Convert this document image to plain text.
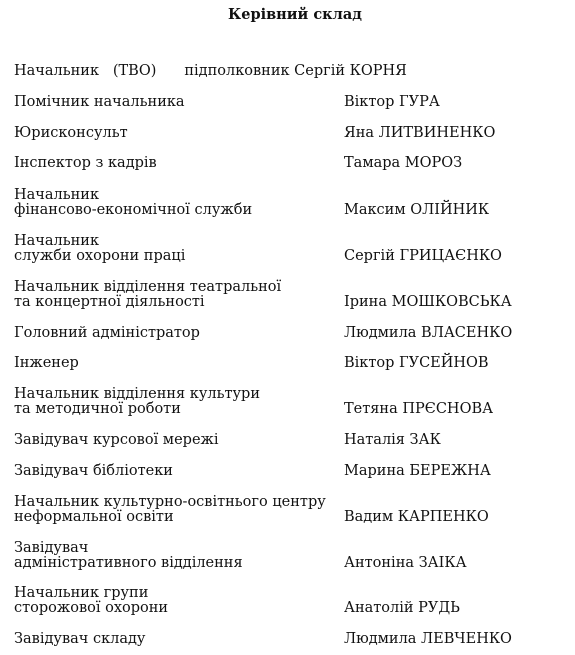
Керівний склад
Начальник   (ТВО) підполковник Сергій КОРНЯ
Помічник начальника	Віктор ГУРА
Юрисконсульт	Яна ЛИТВИНЕНКО
Інспектор з кадрів	Тамара МОРОЗ
Начальник
фінансово-економічної служби	Максим ОЛІЙНИК
Начальник
служби охорони праці	Сергій ГРИЦАЄНКО
Начальник відділення театральної
та концертної діяльності	Ірина МОШКОВСЬКА
Головний адміністратор	Людмила ВЛАСЕНКО
Інженер	Віктор ГУСЕЙНОВ
Начальник відділення культури
та методичної роботи	Тетяна ПРЄСНОВА
Завідувач курсової мережі	Наталія ЗАК
Завідувач бібліотеки	Марина БЕРЕЖНА
Начальник культурно-освітнього центру
неформальної освіти	Вадим КАРПЕНКО
Завідувач
адміністративного відділення	Антоніна ЗАІКА
Начальник групи
сторожової охорони	Анатолій РУДЬ
Завідувач складу	Людмила ЛЕВЧЕНКО
